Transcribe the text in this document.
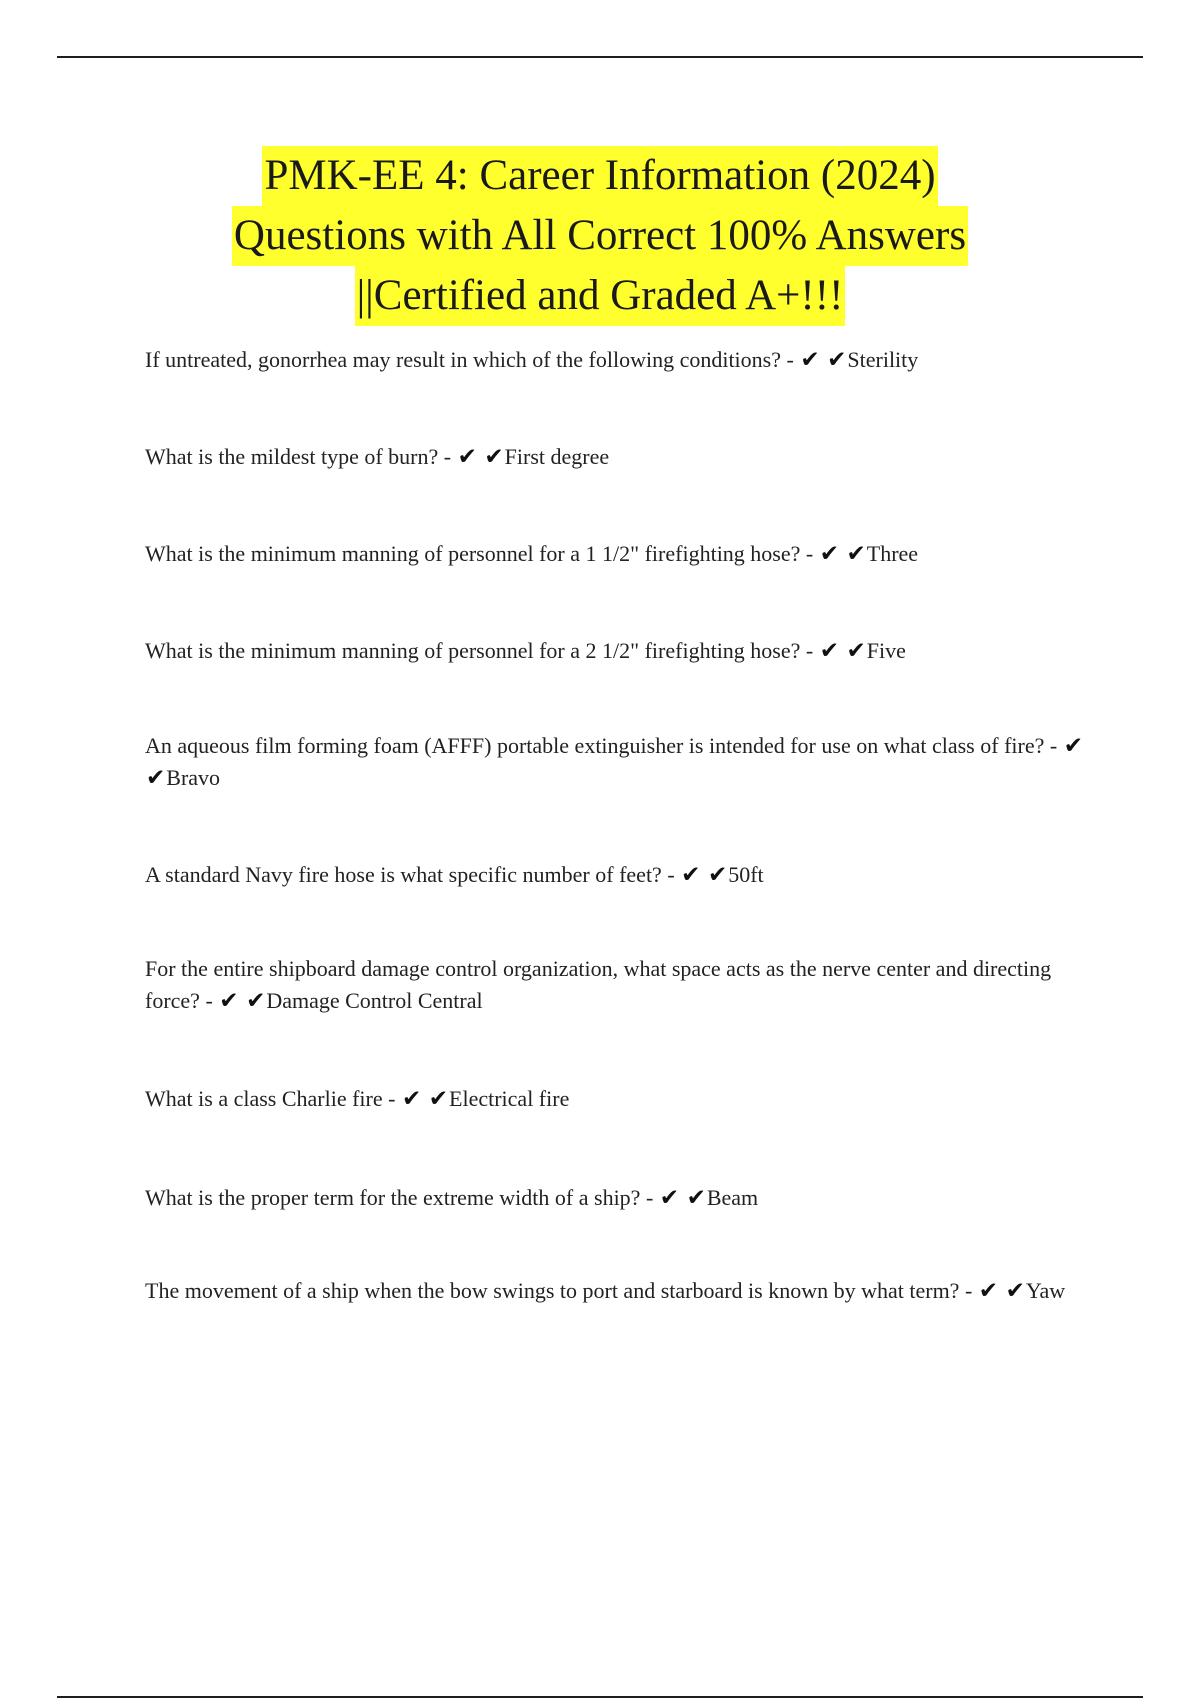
PMK-EE 4: Career Information (2024)
Questions with All Correct 100% Answers
||Certified and Graded A+!!!
If untreated, gonorrhea may result in which of the following conditions? - ✔ ✔Sterility
What is the mildest type of burn? - ✔ ✔First degree
What is the minimum manning of personnel for a 1 1/2" firefighting hose? - ✔ ✔Three
What is the minimum manning of personnel for a 2 1/2" firefighting hose? - ✔ ✔Five
An aqueous film forming foam (AFFF) portable extinguisher is intended for use on what class of fire? - ✔ ✔Bravo
A standard Navy fire hose is what specific number of feet? - ✔ ✔50ft
For the entire shipboard damage control organization, what space acts as the nerve center and directing force? - ✔ ✔Damage Control Central
What is a class Charlie fire - ✔ ✔Electrical fire
What is the proper term for the extreme width of a ship? - ✔ ✔Beam
The movement of a ship when the bow swings to port and starboard is known by what term? - ✔ ✔Yaw
